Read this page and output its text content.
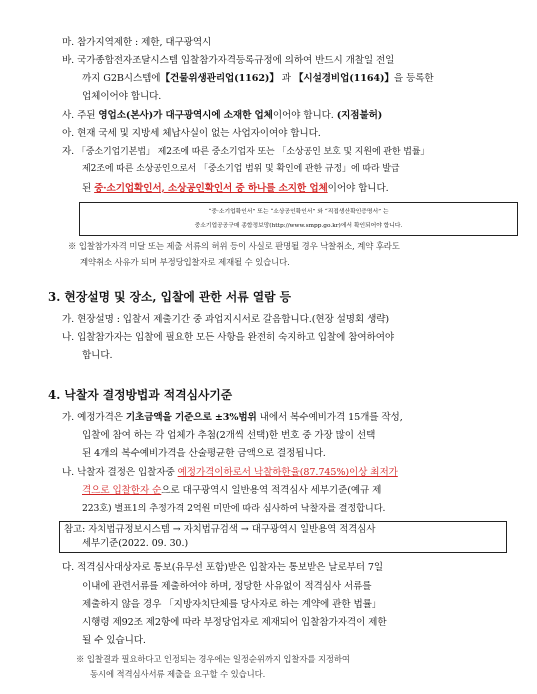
마. 참가지역제한 : 제한, 대구광역시
바. 국가종합전자조달시스템 입찰참가자격등록규정에 의하여 반드시 개찰일 전일
까지 G2B시스템에【건물위생관리업(1162)】 과 【시설경비업(1164)】을 등록한
업체이어야 합니다.
사. 주된 영업소(본사)가 대구광역시에 소재한 업체이어야 합니다. (지점불허)
아. 현재 국세 및 지방세 체납사실이 없는 사업자이여야 합니다.
자. 「중소기업기본법」 제2조에 따른 중소기업자 또는 「소상공인 보호 및 지원에 관한 법률」
제2조에 따른 소상공인으로서 「중소기업 범위 및 확인에 관한 규정」에 따라 발급
된 중·소기업확인서, 소상공인확인서 중 하나를 소지한 업체이어야 합니다.
“중·소기업확인서” 또는 “소상공인확인서” 와 “직접생산확인증명서” 는
중소기업공공구매 종합정보망(http://www.smpp.go.kr)에서 확인되어야 합니다.
※ 입찰참가자격 미달 또는 제출 서류의 허위 등이 사실로 판명될 경우 낙찰취소, 계약 후라도
계약취소 사유가 되며 부정당입찰자로 제재될 수 있습니다.
3. 현장설명 및 장소, 입찰에 관한 서류 열람 등
가. 현장설명 : 입찰서 제출기간 중 과업지시서로 갈음합니다.(현장 설명회 생략)
나. 입찰참가자는 입찰에 필요한 모든 사항을 완전히 숙지하고 입찰에 참여하여야
합니다.
4. 낙찰자 결정방법과 적격심사기준
가. 예정가격은 기초금액을 기준으로 ±3%범위 내에서 복수예비가격 15개를 작성,
입찰에 참여 하는 각 업체가 추첨(2개씩 선택)한 번호 중 가장 많이 선택
된 4개의 복수예비가격을 산술평균한 금액으로 결정됩니다.
나. 낙찰자 결정은 입찰자중 예정가격이하로서 낙찰하한율(87.745%)이상 최저가
격으로 입찰한자 순으로 대구광역시 일반용역 적격심사 세부기준(예규 제
223호) 별표1의 추정가격 2억원 미만에 따라 심사하여 낙찰자를 결정합니다.
참고: 자치법규정보시스템 → 자치법규검색 → 대구광역시 일반용역 적격심사
세부기준(2022. 09. 30.)
다. 적격심사대상자로 통보(유무선 포함)받은 입찰자는 통보받은 날로부터 7일
이내에 관련서류를 제출하여야 하며, 정당한 사유없이 적격심사 서류를
제출하지 않을 경우 「지방자치단체를 당사자로 하는 계약에 관한 법률」
시행령 제92조 제2항에 따라 부정당업자로 제재되어 입찰참가자격이 제한
될 수 있습니다.
※ 입찰결과 필요하다고 인정되는 경우에는 일정순위까지 입찰자를 지정하여
동시에 적격심사서류 제출을 요구할 수 있습니다.
